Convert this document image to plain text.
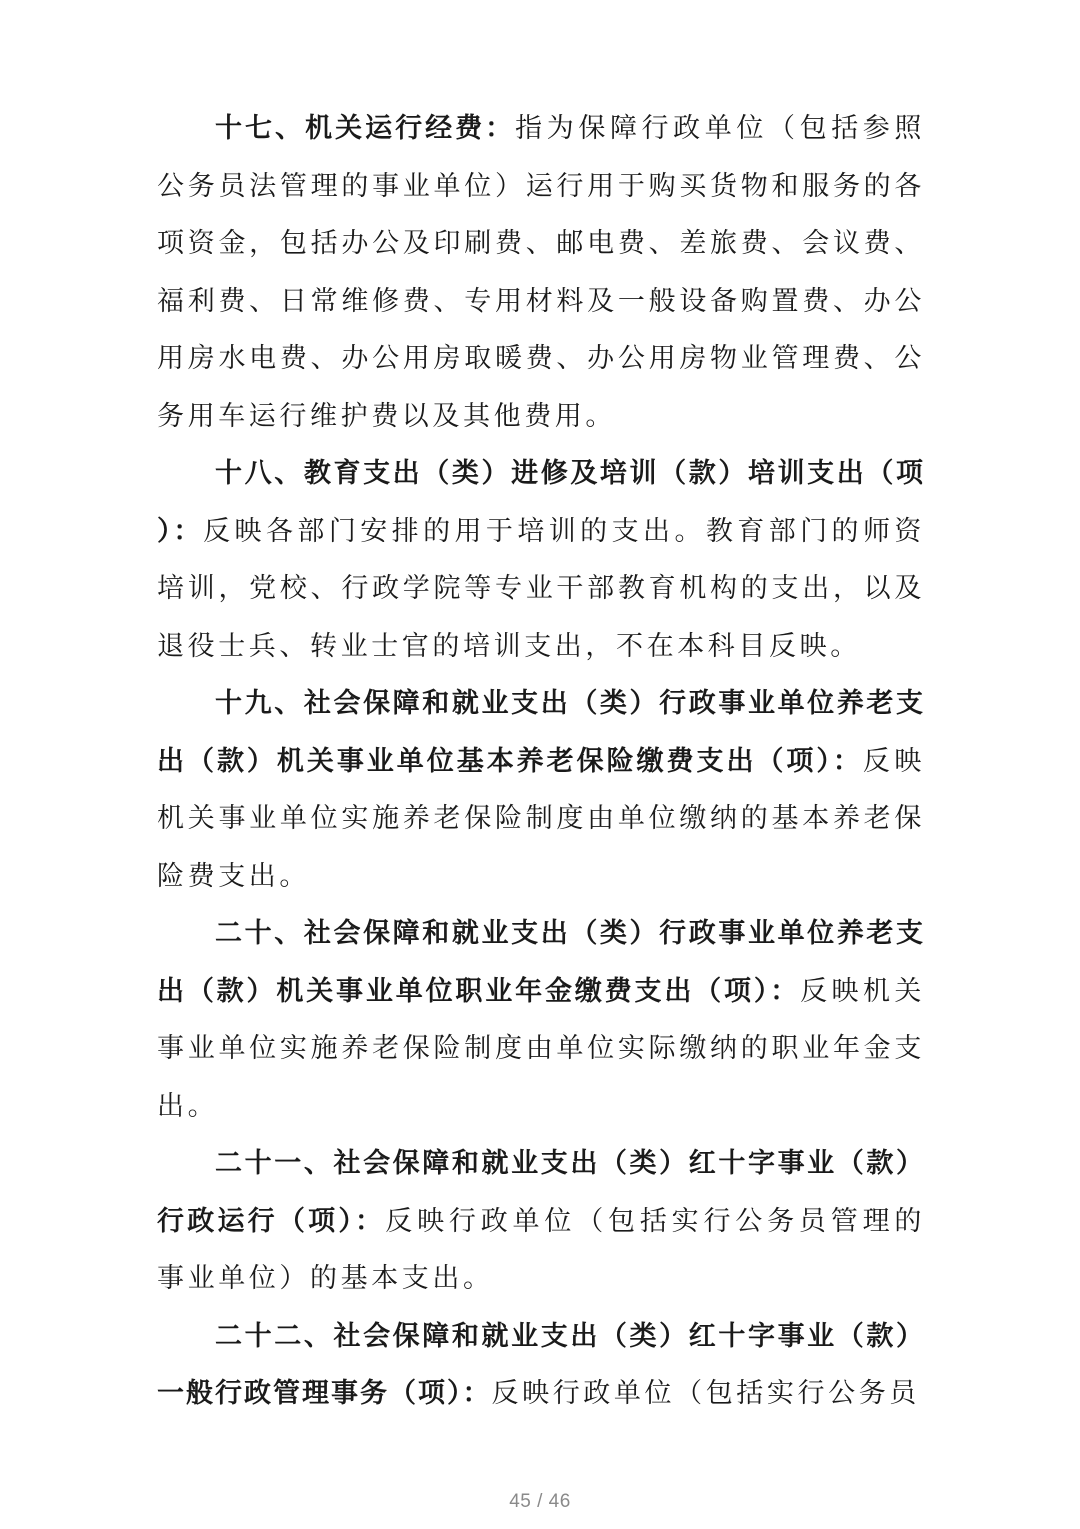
十七、机关运行经费：指为保障行政单位（包括参照公务员法管理的事业单位）运行用于购买货物和服务的各项资金，包括办公及印刷费、邮电费、差旅费、会议费、福利费、日常维修费、专用材料及一般设备购置费、办公用房水电费、办公用房取暖费、办公用房物业管理费、公务用车运行维护费以及其他费用。

十八、教育支出（类）进修及培训（款）培训支出（项）：反映各部门安排的用于培训的支出。教育部门的师资培训，党校、行政学院等专业干部教育机构的支出，以及退役士兵、转业士官的培训支出，不在本科目反映。

十九、社会保障和就业支出（类）行政事业单位养老支出（款）机关事业单位基本养老保险缴费支出（项）：反映机关事业单位实施养老保险制度由单位缴纳的基本养老保险费支出。

二十、社会保障和就业支出（类）行政事业单位养老支出（款）机关事业单位职业年金缴费支出（项）：反映机关事业单位实施养老保险制度由单位实际缴纳的职业年金支出。

二十一、社会保障和就业支出（类）红十字事业（款）行政运行（项）：反映行政单位（包括实行公务员管理的事业单位）的基本支出。

二十二、社会保障和就业支出（类）红十字事业（款）一般行政管理事务（项）：反映行政单位（包括实行公务员

45 / 46
